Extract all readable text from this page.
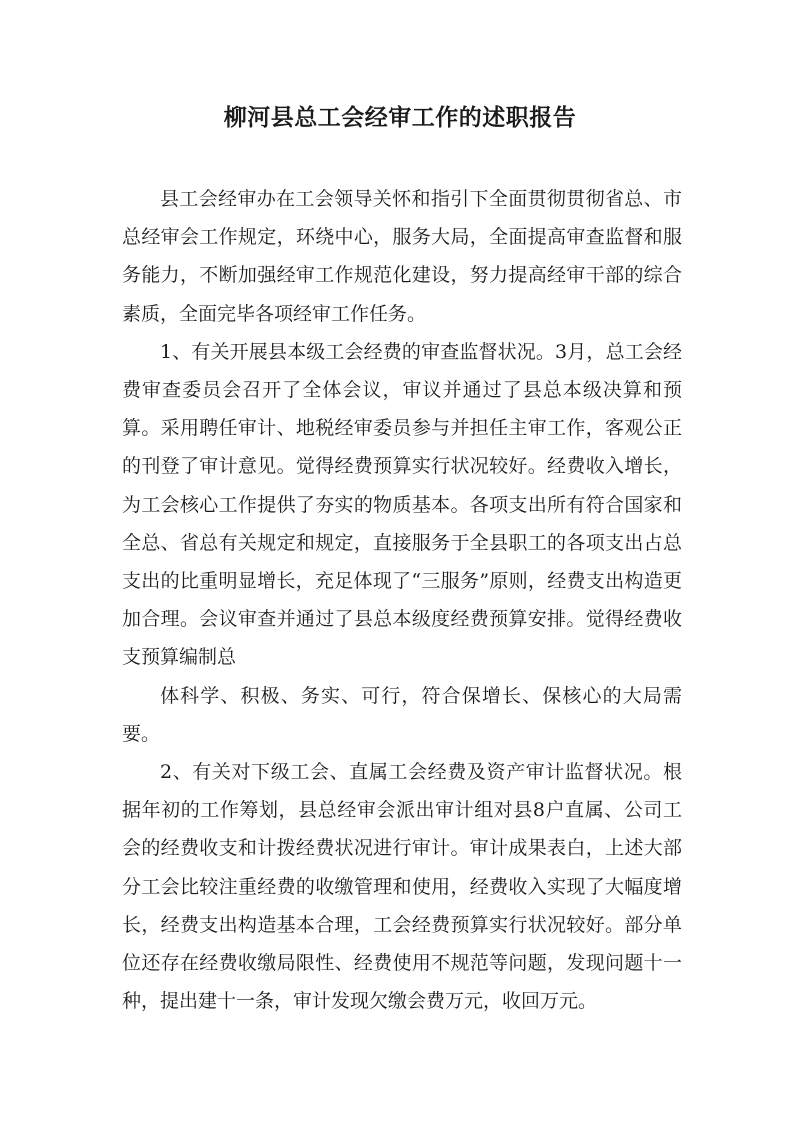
柳河县总工会经审工作的述职报告

县工会经审办在工会领导关怀和指引下全面贯彻贯彻省总、市总经审会工作规定，环绕中心，服务大局，全面提高审查监督和服务能力，不断加强经审工作规范化建设，努力提高经审干部的综合素质，全面完毕各项经审工作任务。

1、有关开展县本级工会经费的审查监督状况。3月，总工会经费审查委员会召开了全体会议，审议并通过了县总本级决算和预算。采用聘任审计、地税经审委员参与并担任主审工作，客观公正的刊登了审计意见。觉得经费预算实行状况较好。经费收入增长，为工会核心工作提供了夯实的物质基本。各项支出所有符合国家和全总、省总有关规定和规定，直接服务于全县职工的各项支出占总支出的比重明显增长，充足体现了“三服务”原则，经费支出构造更加合理。会议审查并通过了县总本级度经费预算安排。觉得经费收支预算编制总

体科学、积极、务实、可行，符合保增长、保核心的大局需要。

2、有关对下级工会、直属工会经费及资产审计监督状况。根据年初的工作筹划，县总经审会派出审计组对县8户直属、公司工会的经费收支和计拨经费状况进行审计。审计成果表白，上述大部分工会比较注重经费的收缴管理和使用，经费收入实现了大幅度增长，经费支出构造基本合理，工会经费预算实行状况较好。部分单位还存在经费收缴局限性、经费使用不规范等问题，发现问题十一种，提出建十一条，审计发现欠缴会费万元，收回万元。
